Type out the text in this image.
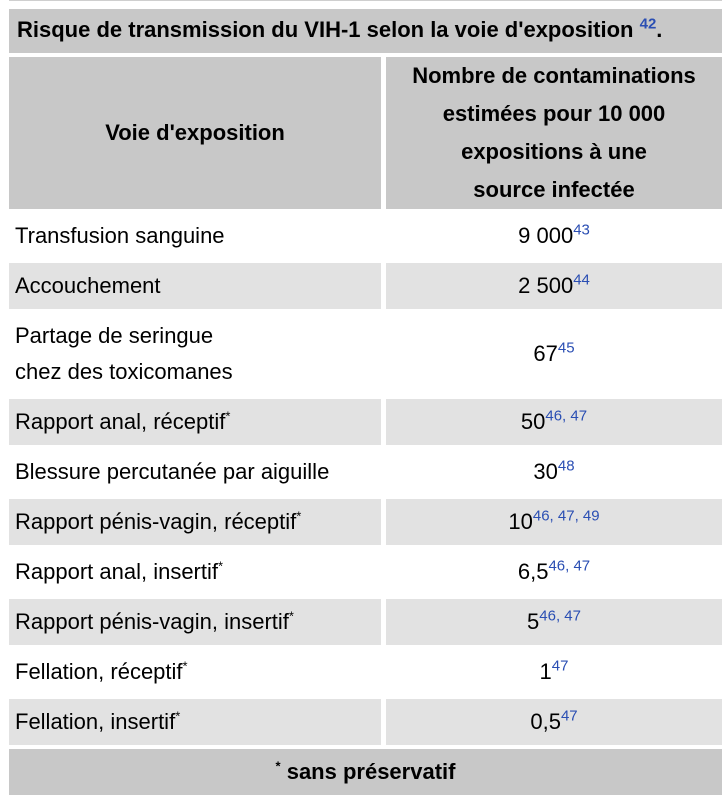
Risque de transmission du VIH-1 selon la voie d'exposition $^{42}$.
Voie d'exposition	Nombre de contaminations
estimées pour 10 000
expositions à une
source infectée

Transfusion sanguine	9 $000^{43}$
Accouchement	2 $500^{44}$

Partage de seringue
chez des toxicomanes	$67^{45}$
Rapport anal, réceptif*	50$^{46, 47}$
Blessure percutanée par aiguille	$30^{48}$
Rapport pénis-vagin, réceptif*	10$^{46, 47, 49}$
Rapport anal, insertif*	6,5$^{46, 47}$
Rapport pénis-vagin, insertif*	5$^{46, 47}$
Fellation, réceptif*	$1^{47}$
Fellation, insertif*	$0,5^{47}$
* sans préservatif	
